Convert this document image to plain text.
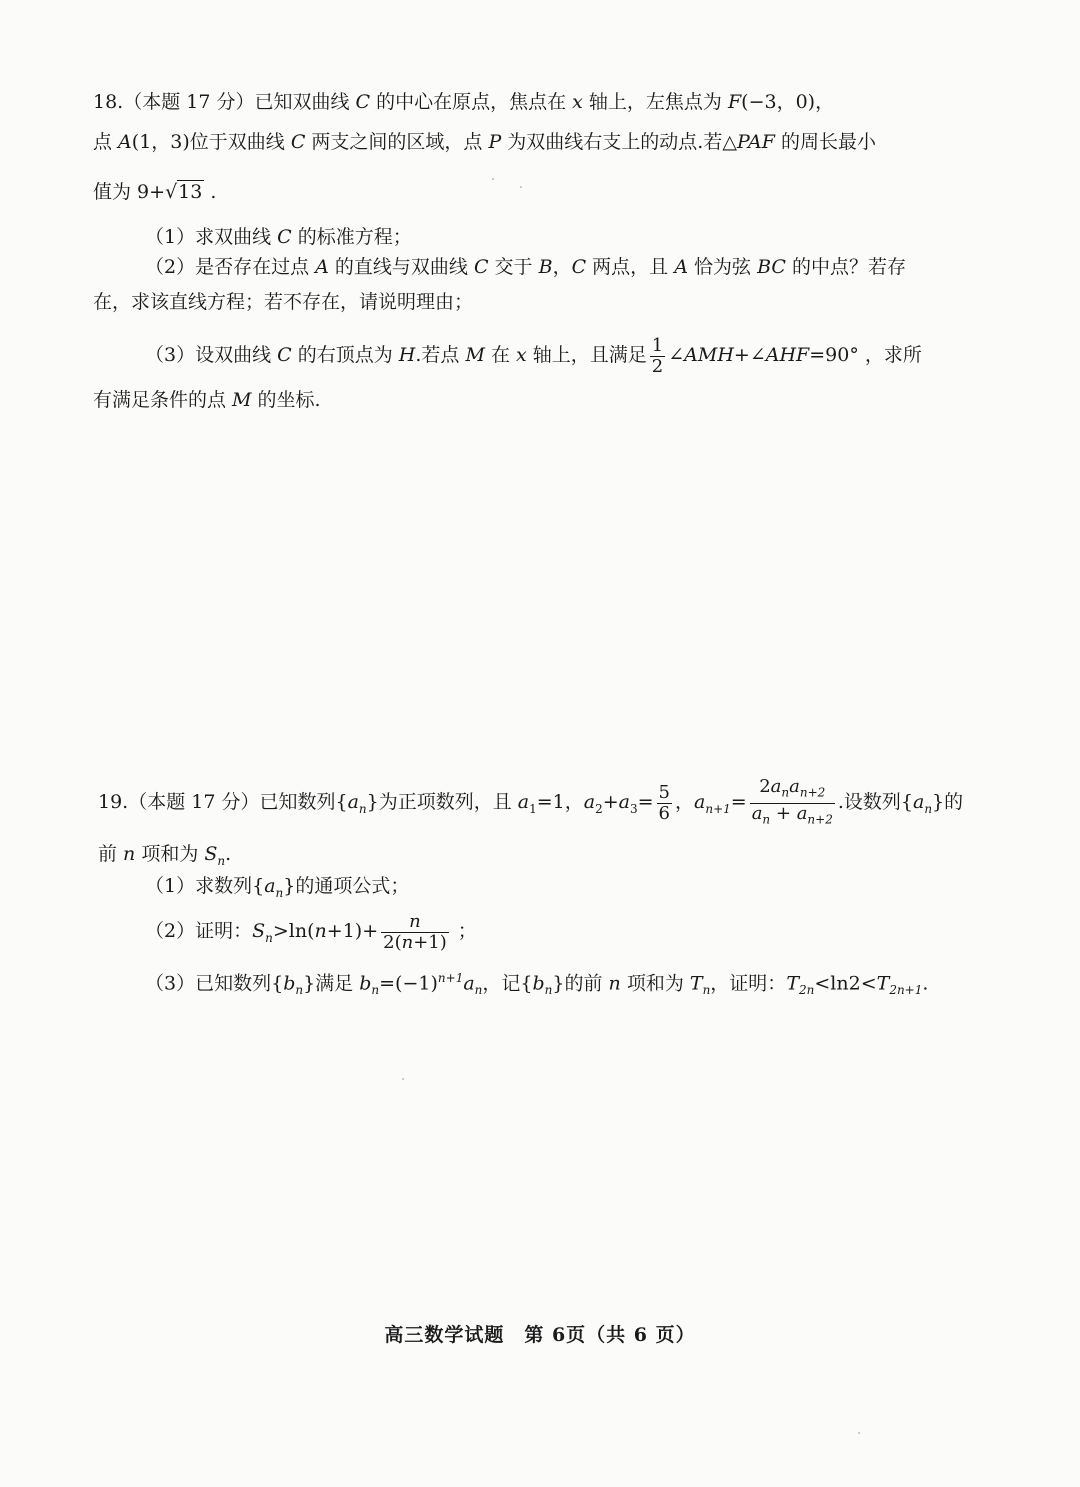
18.（本题 17 分）已知双曲线 C 的中心在原点，焦点在 x 轴上，左焦点为 F(−3，0)，
点 A(1，3)位于双曲线 C 两支之间的区域，点 P 为双曲线右支上的动点.若△PAF 的周长最小
值为 9+√13 .
（1）求双曲线 C 的标准方程；
（2）是否存在过点 A 的直线与双曲线 C 交于 B，C 两点，且 A 恰为弦 BC 的中点？若存
在，求该直线方程；若不存在，请说明理由；
（3）设双曲线 C 的右顶点为 H.若点 M 在 x 轴上，且满足 $\frac{1}{2}$ ∠AMH+∠AHF=90° ，求所
有满足条件的点 M 的坐标.
19.（本题 17 分）已知数列$\{a_n\}$为正项数列，且 $a_1=1$，$a_2+a_3= \frac{5}{6}$ ，$a_{n+1}= \frac{2a_na_{n+2}}{a_n + a_{n+2}}$ .设数列$\{a_n\}$的
前 n 项和为 $S_n$.
（1）求数列$\{a_n\}$的通项公式；
（2）证明：$S_n>\ln(n+1)+ \frac{n}{2(n+1)}$ ；
（3）已知数列$\{b_n\}$满足 $b_n=(-1)^{n+1}a_n$，记$\{b_n\}$的前 n 项和为 $T_n$，证明：$T_{2n}<\ln 2<T_{2n+1}$.
高三数学试题　第 6页（共 6 页）
